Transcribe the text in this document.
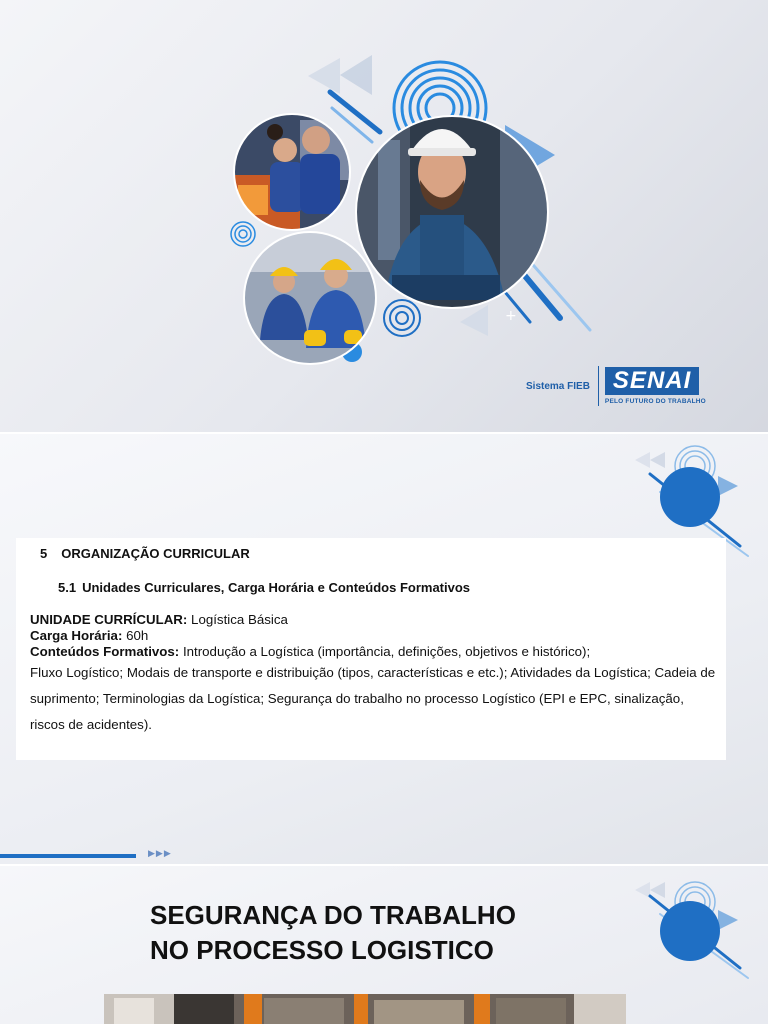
+
Sistema FIEB SENAI
PELO FUTURO DO TRABALHO
5 ORGANIZAÇÃO CURRICULAR
5.1 Unidades Curriculares, Carga Horária e Conteúdos Formativos
UNIDADE CURRÍCULAR: Logística Básica
Carga Horária: 60h
Conteúdos Formativos: Introdução a Logística (importância, definições, objetivos e histórico);
Fluxo Logístico; Modais de transporte e distribuição (tipos, características e etc.); Atividades da Logística; Cadeia de suprimento; Terminologias da Logística; Segurança do trabalho no processo Logístico (EPI e EPC, sinalização, riscos de acidentes).
▶▶▶
SEGURANÇA DO TRABALHO
NO PROCESSO LOGISTICO
